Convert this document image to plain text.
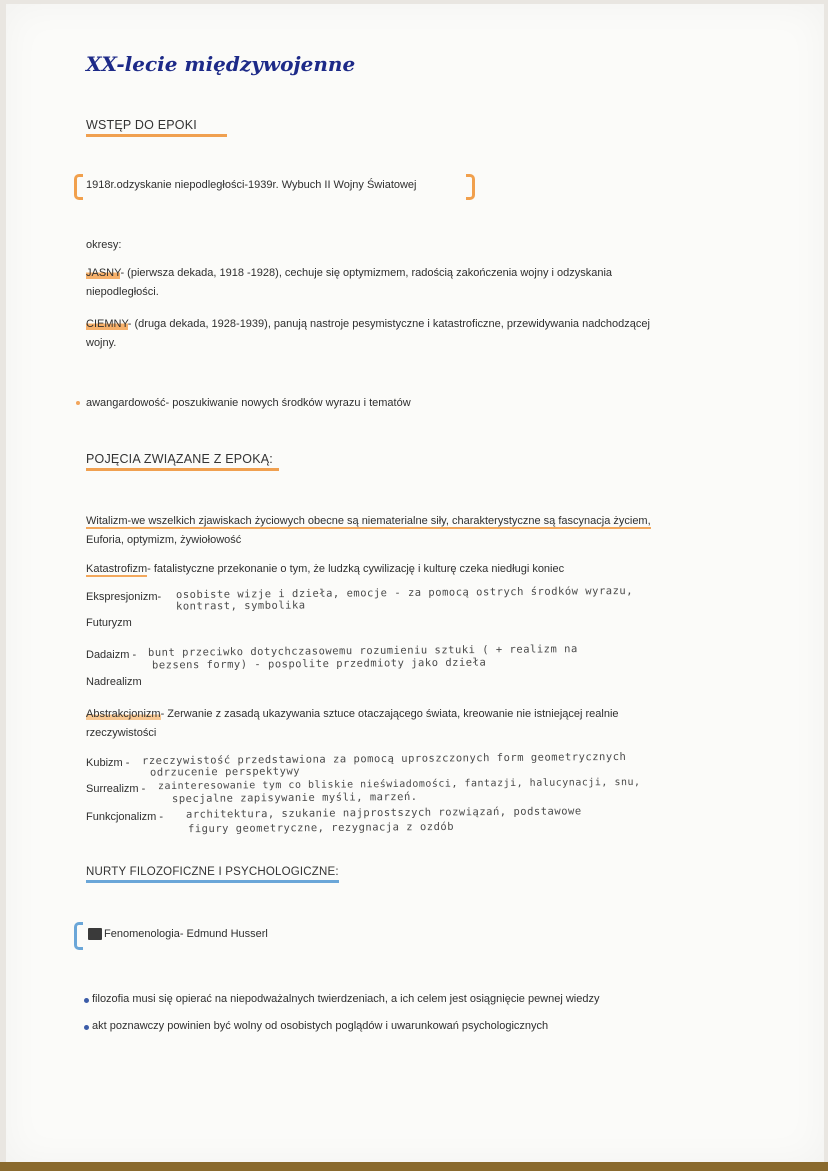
XX-lecie międzywojenne
WSTĘP DO EPOKI
1918r.odzyskanie niepodległości-1939r. Wybuch II Wojny Światowej
okresy:
JASNY- (pierwsza dekada, 1918 -1928), cechuje się optymizmem, radością zakończenia wojny i odzyskania
niepodległości.
CIEMNY- (druga dekada, 1928-1939), panują nastroje pesymistyczne i katastroficzne, przewidywania nadchodzącej
wojny.
awangardowość- poszukiwanie nowych środków wyrazu i tematów
POJĘCIA ZWIĄZANE Z EPOKĄ:
Witalizm-we wszelkich zjawiskach życiowych obecne są niematerialne siły, charakterystyczne są fascynacja życiem,
Euforia, optymizm, żywiołowość
Katastrofizm- fatalistyczne przekonanie o tym, że ludzką cywilizację i kulturę czeka niedługi koniec
Ekspresjonizm- osobiste wizje i dzieła, emocje - za pomocą ostrych środków wyrazu,
kontrast, symbolika
Futuryzm
Dadaizm - bunt przeciwko dotychczasowemu rozumieniu sztuki ( + realizm na
bezsens formy) - pospolite przedmioty jako dzieła
Nadrealizm
Abstrakcjonizm- Zerwanie z zasadą ukazywania sztuce otaczającego świata, kreowanie nie istniejącej realnie
rzeczywistości
Kubizm - rzeczywistość przedstawiona za pomocą uproszczonych form geometrycznych
odrzucenie perspektywy
Surrealizm - zainteresowanie tym co bliskie nieświadomości, fantazji, halucynacji, snu,
specjalne zapisywanie myśli, marzeń.
Funkcjonalizm - architektura, szukanie najprostszych rozwiązań, podstawowe
figury geometryczne, rezygnacja z ozdób
NURTY FILOZOFICZNE I PSYCHOLOGICZNE:
Fenomenologia- Edmund Husserl
filozofia musi się opierać na niepodważalnych twierdzeniach, a ich celem jest osiągnięcie pewnej wiedzy
akt poznawczy powinien być wolny od osobistych poglądów i uwarunkowań psychologicznych
